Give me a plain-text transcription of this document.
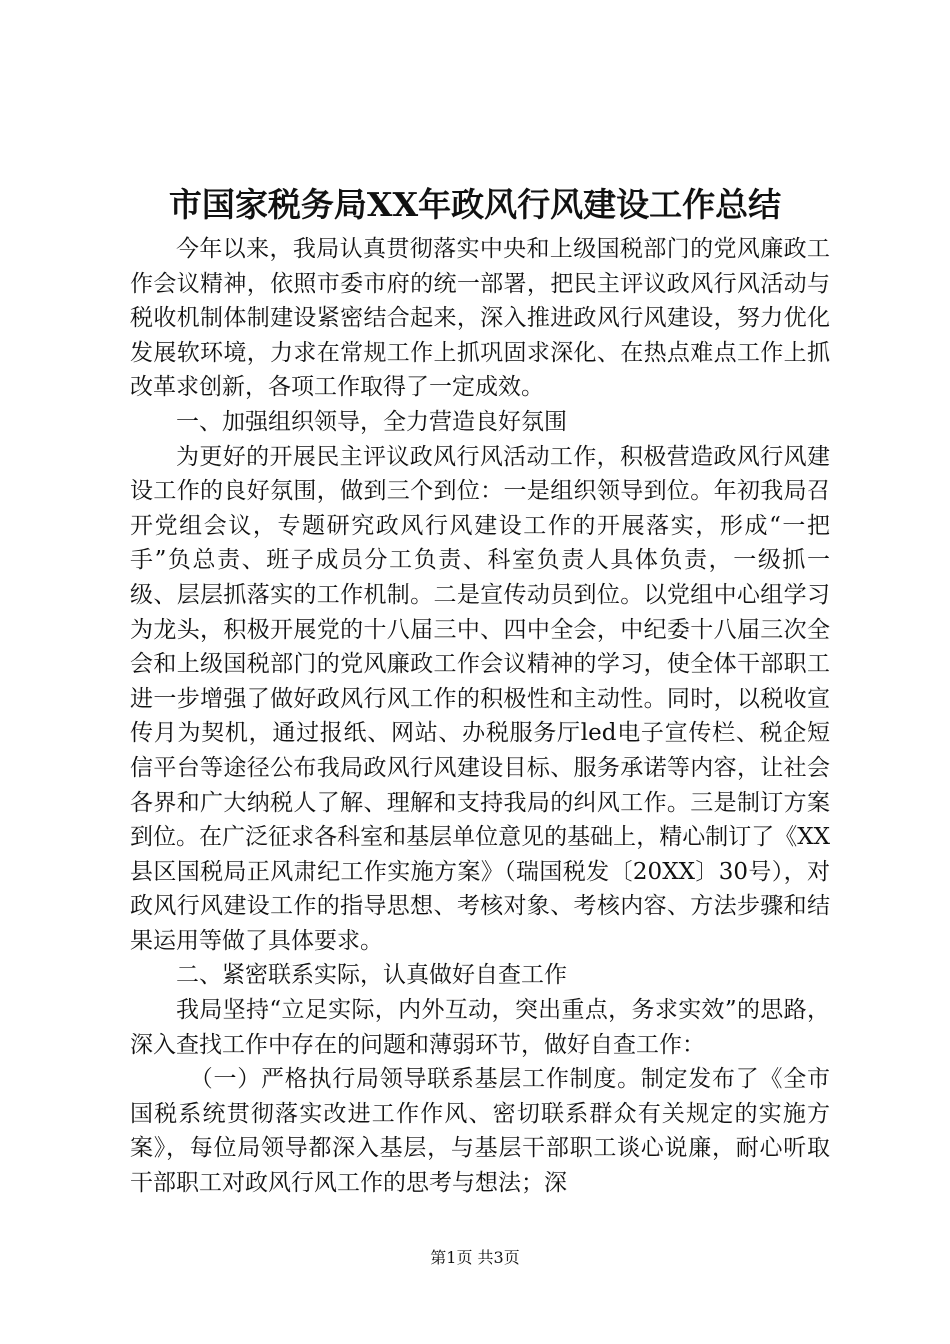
市国家税务局XX年政风行风建设工作总结

今年以来，我局认真贯彻落实中央和上级国税部门的党风廉政工作会议精神，依照市委市府的统一部署，把民主评议政风行风活动与税收机制体制建设紧密结合起来，深入推进政风行风建设，努力优化发展软环境，力求在常规工作上抓巩固求深化、在热点难点工作上抓改革求创新，各项工作取得了一定成效。

一、加强组织领导，全力营造良好氛围

为更好的开展民主评议政风行风活动工作，积极营造政风行风建设工作的良好氛围，做到三个到位：一是组织领导到位。年初我局召开党组会议，专题研究政风行风建设工作的开展落实，形成“一把手”负总责、班子成员分工负责、科室负责人具体负责，一级抓一级、层层抓落实的工作机制。二是宣传动员到位。以党组中心组学习为龙头，积极开展党的十八届三中、四中全会，中纪委十八届三次全会和上级国税部门的党风廉政工作会议精神的学习，使全体干部职工进一步增强了做好政风行风工作的积极性和主动性。同时，以税收宣传月为契机，通过报纸、网站、办税服务厅led电子宣传栏、税企短信平台等途径公布我局政风行风建设目标、服务承诺等内容，让社会各界和广大纳税人了解、理解和支持我局的纠风工作。三是制订方案到位。在广泛征求各科室和基层单位意见的基础上，精心制订了《XX县区国税局正风肃纪工作实施方案》（瑞国税发〔20XX〕30号），对政风行风建设工作的指导思想、考核对象、考核内容、方法步骤和结果运用等做了具体要求。

二、紧密联系实际，认真做好自查工作

我局坚持“立足实际，内外互动，突出重点，务求实效”的思路，深入查找工作中存在的问题和薄弱环节，做好自查工作：

（一）严格执行局领导联系基层工作制度。制定发布了《全市国税系统贯彻落实改进工作作风、密切联系群众有关规定的实施方案》，每位局领导都深入基层，与基层干部职工谈心说廉，耐心听取干部职工对政风行风工作的思考与想法；深

第1页 共3页
